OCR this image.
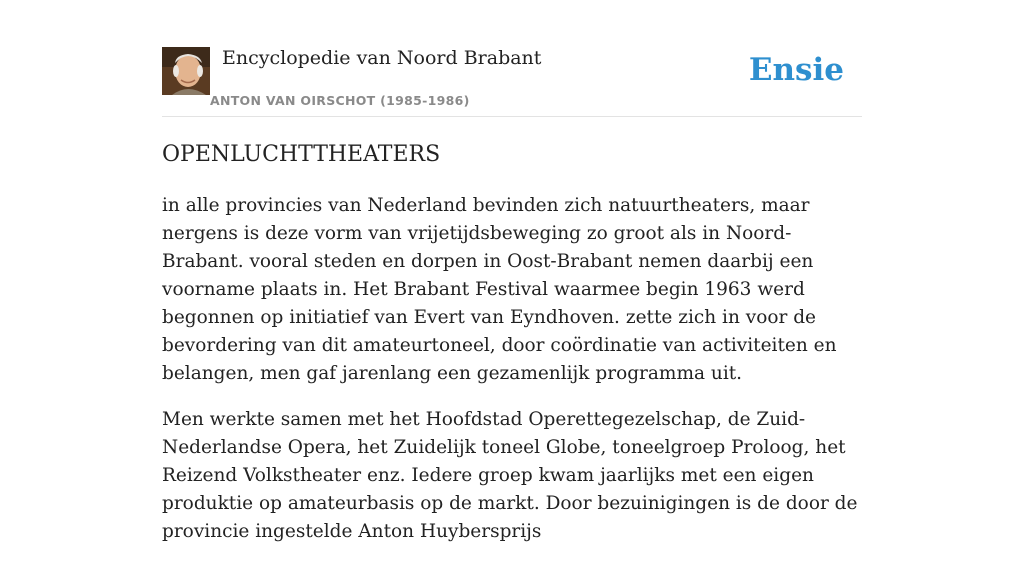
Encyclopedie van Noord Brabant
ANTON VAN OIRSCHOT (1985-1986)
Ensie
OPENLUCHTTHEATERS

in alle provincies van Nederland bevinden zich natuurtheaters, maar nergens is deze vorm van vrijetijdsbeweging zo groot als in Noord-Brabant. vooral steden en dorpen in Oost-Brabant nemen daarbij een voorname plaats in. Het Brabant Festival waarmee begin 1963 werd begonnen op initiatief van Evert van Eyndhoven. zette zich in voor de bevordering van dit amateurtoneel, door coördinatie van activiteiten en belangen, men gaf jarenlang een gezamenlijk programma uit.

Men werkte samen met het Hoofdstad Operettegezelschap, de Zuid-Nederlandse Opera, het Zuidelijk toneel Globe, toneelgroep Proloog, het Reizend Volkstheater enz. Iedere groep kwam jaarlijks met een eigen produktie op amateurbasis op de markt. Door bezuinigingen is de door de provincie ingestelde Anton Huybersprijs
